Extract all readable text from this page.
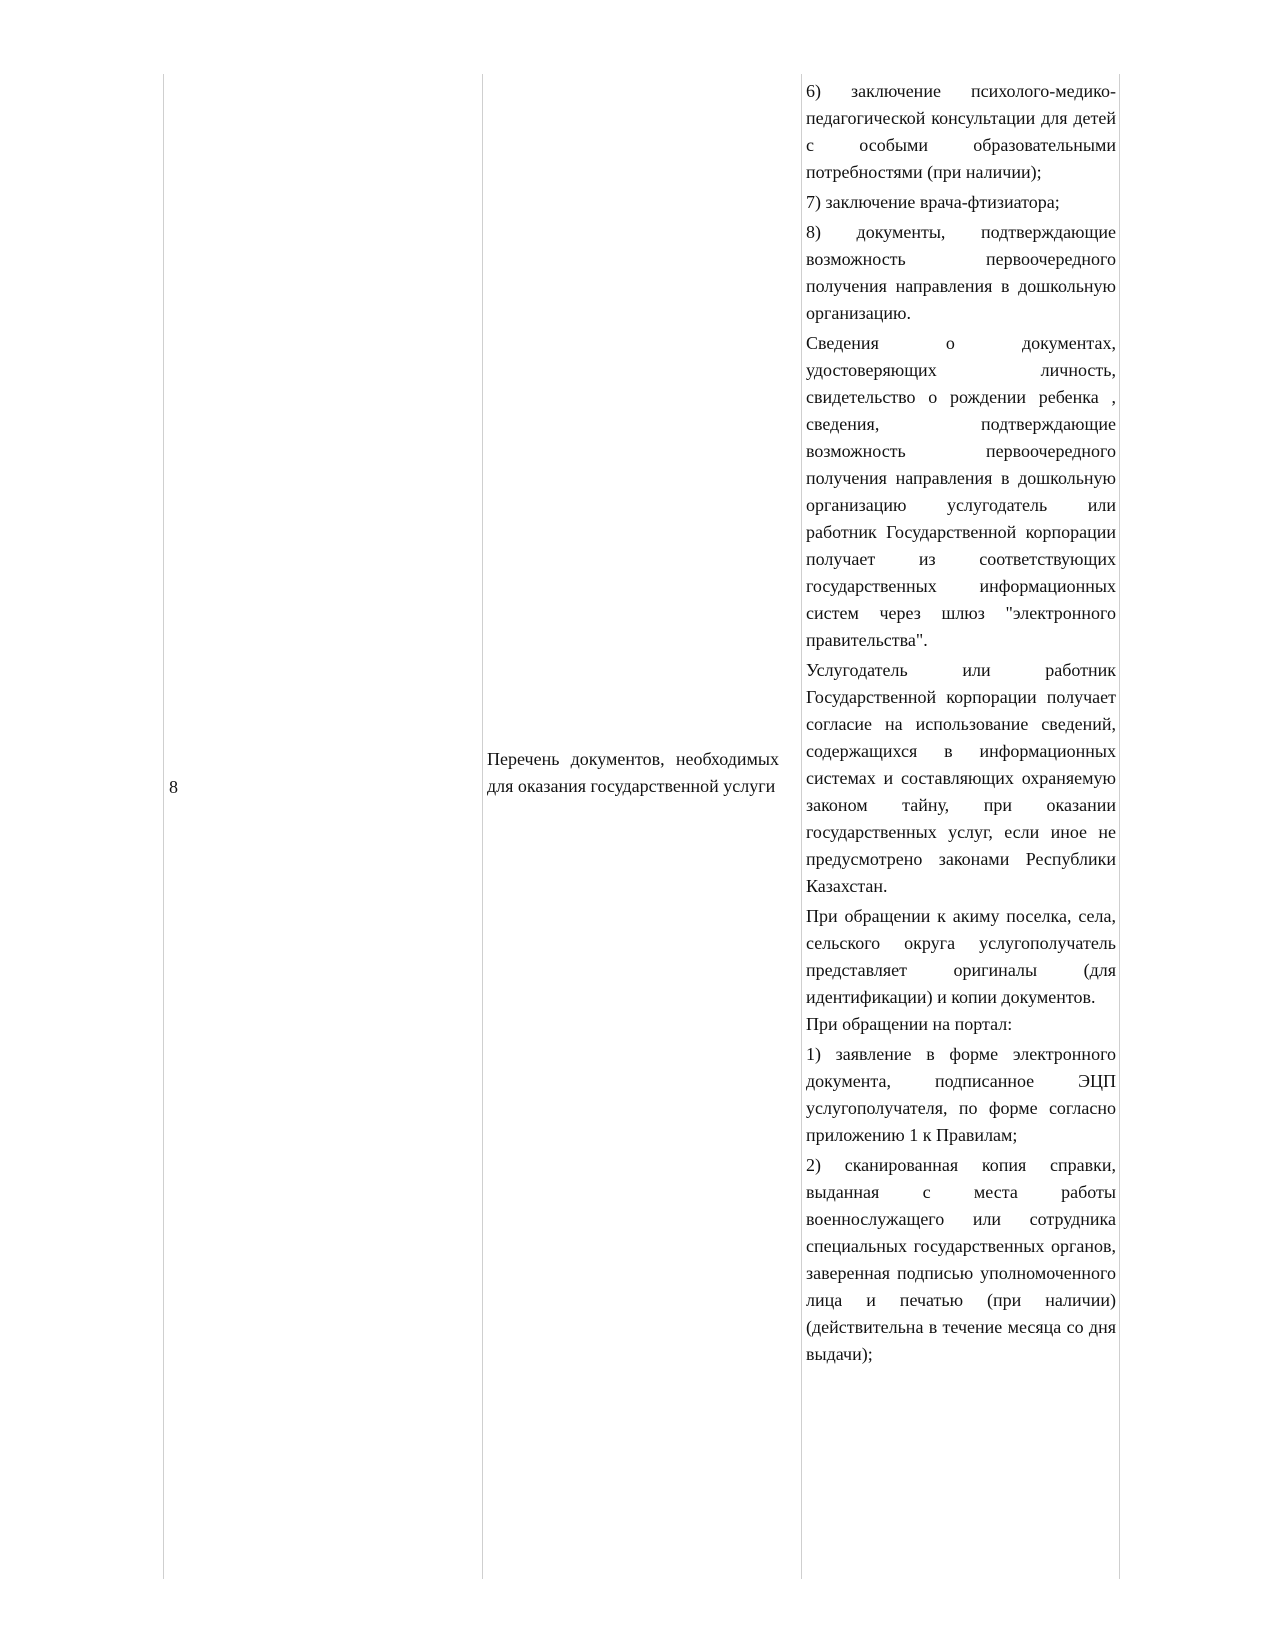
8
Перечень документов, необходимых для оказания государственной услуги

6) заключение психолого-медико-педагогической консультации для детей с особыми образовательными потребностями (при наличии);

7) заключение врача-фтизиатора;

8) документы, подтверждающие возможность первоочередного получения направления в дошкольную организацию.

Сведения о документах, удостоверяющих личность, свидетельство о рождении ребенка , сведения, подтверждающие возможность первоочередного получения направления в дошкольную организацию услугодатель или работник Государственной корпорации получает из соответствующих государственных информационных систем через шлюз "электронного правительства".

Услугодатель или работник Государственной корпорации получает согласие на использование сведений, содержащихся в информационных системах и составляющих охраняемую законом тайну, при оказании государственных услуг, если иное не предусмотрено законами Республики Казахстан.

При обращении к акиму поселка, села, сельского округа услугополучатель представляет оригиналы (для идентификации) и копии документов.

При обращении на портал:

1) заявление в форме электронного документа, подписанное ЭЦП услугополучателя, по форме согласно приложению 1 к Правилам;

2) сканированная копия справки, выданная с места работы военнослужащего или сотрудника специальных государственных органов, заверенная подписью уполномоченного лица и печатью (при наличии) (действительна в течение месяца со дня выдачи);
